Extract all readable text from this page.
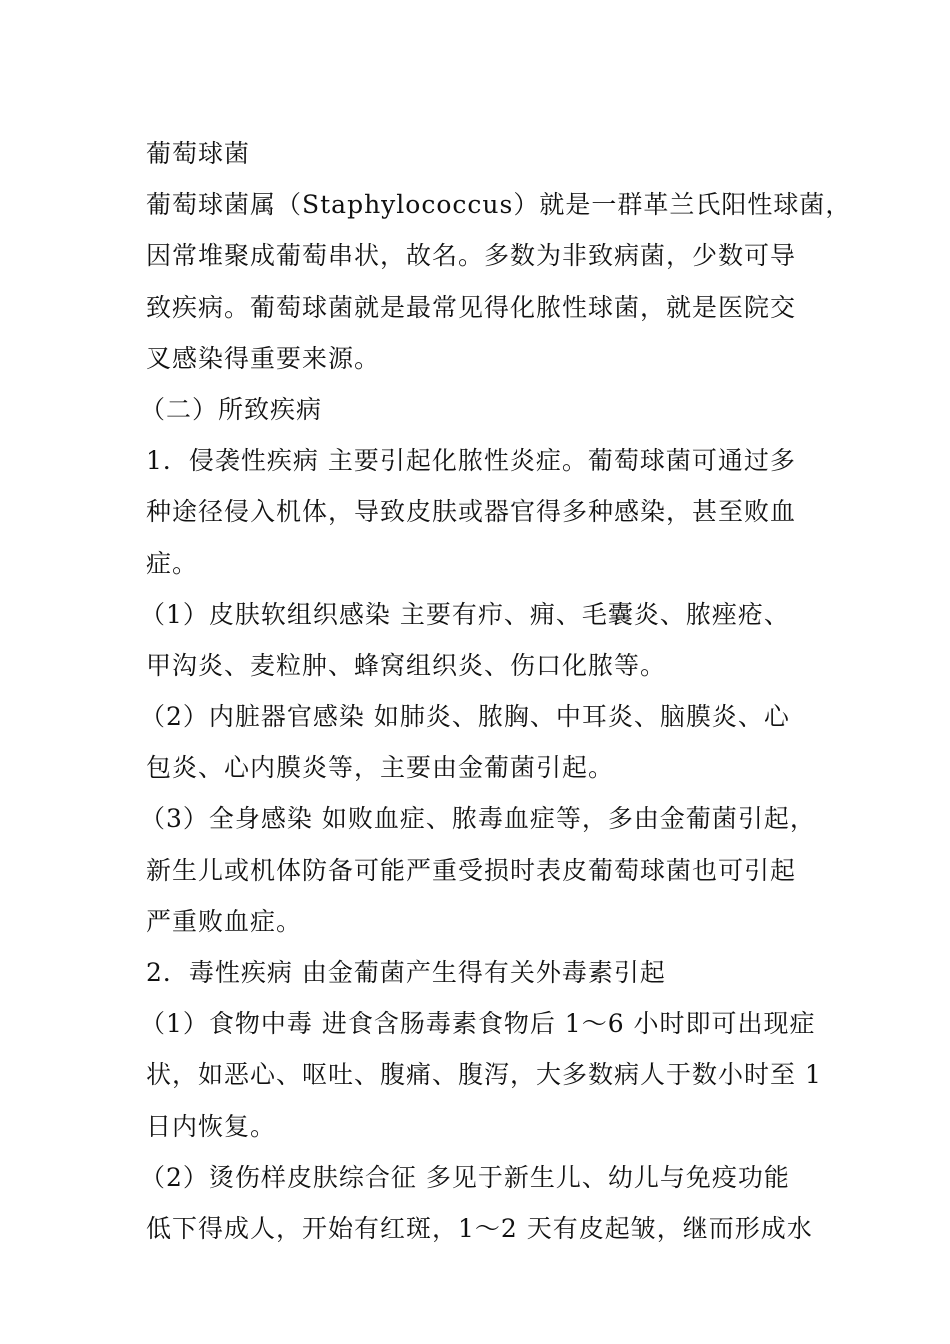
葡萄球菌
葡萄球菌属（Staphylococcus）就是一群革兰氏阳性球菌，
因常堆聚成葡萄串状，故名。多数为非致病菌，少数可导
致疾病。葡萄球菌就是最常见得化脓性球菌，就是医院交
叉感染得重要来源。
（二）所致疾病
1．侵袭性疾病 主要引起化脓性炎症。葡萄球菌可通过多
种途径侵入机体，导致皮肤或器官得多种感染，甚至败血
症。
（1）皮肤软组织感染 主要有疖、痈、毛囊炎、脓痤疮、
甲沟炎、麦粒肿、蜂窝组织炎、伤口化脓等。
（2）内脏器官感染 如肺炎、脓胸、中耳炎、脑膜炎、心
包炎、心内膜炎等，主要由金葡菌引起。
（3）全身感染 如败血症、脓毒血症等，多由金葡菌引起，
新生儿或机体防备可能严重受损时表皮葡萄球菌也可引起
严重败血症。
2．毒性疾病 由金葡菌产生得有关外毒素引起
（1）食物中毒 进食含肠毒素食物后 1～6 小时即可出现症
状，如恶心、呕吐、腹痛、腹泻，大多数病人于数小时至 1
日内恢复。
（2）烫伤样皮肤综合征 多见于新生儿、幼儿与免疫功能
低下得成人，开始有红斑，1～2 天有皮起皱，继而形成水
